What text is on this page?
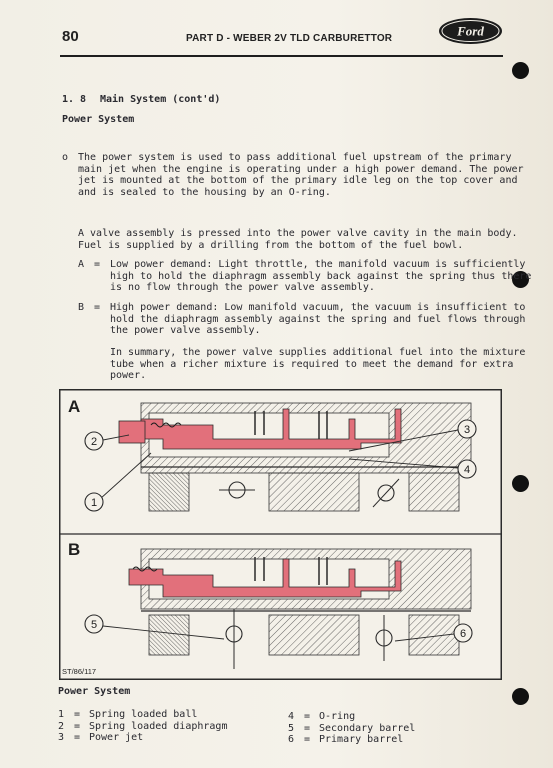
80	PART D - WEBER 2V TLD CARBURETTOR	Ford
1. 8 Main System (cont'd)
Power System
o The power system is used to pass additional fuel upstream of the primary
main jet when the engine is operating under a high power demand. The power
jet is mounted at the bottom of the primary idle leg on the top cover and
and is sealed to the housing by an O-ring.
A valve assembly is pressed into the power valve cavity in the main body.
Fuel is supplied by a drilling from the bottom of the fuel bowl.
A = Low power demand: Light throttle, the manifold vacuum is sufficiently
high to hold the diaphragm assembly back against the spring thus there
is no flow through the power valve assembly.
B = High power demand: Low manifold vacuum, the vacuum is insufficient to
hold the diaphragm assembly against the spring and fuel flows through
the power valve assembly.
In summary, the power valve supplies additional fuel into the mixture
tube when a richer mixture is required to meet the demand for extra
power.
A
B
1
2
3
4
5
6
ST/86/117
Power System
1 = Spring loaded ball
2 = Spring loaded diaphragm
3 = Power jet
4 = O-ring
5 = Secondary barrel
6 = Primary barrel
